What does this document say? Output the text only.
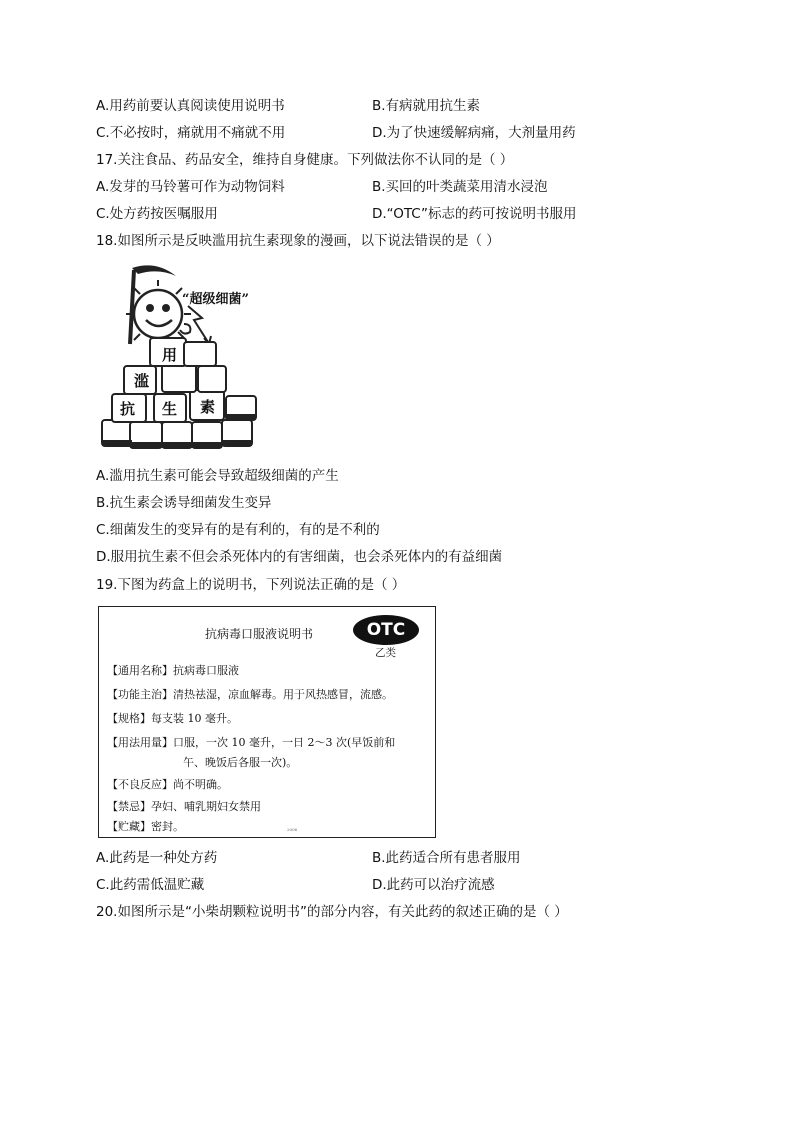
A.用药前要认真阅读使用说明书	B.有病就用抗生素
C.不必按时，痛就用不痛就不用	D.为了快速缓解病痛，大剂量用药
17.关注食品、药品安全，维持自身健康。下列做法你不认同的是（ ）
A.发芽的马铃薯可作为动物饲料	B.买回的叶类蔬菜用清水浸泡
C.处方药按医嘱服用	D.“OTC”标志的药可按说明书服用
18.如图所示是反映滥用抗生素现象的漫画，以下说法错误的是（ ）
“超级细菌”
滥
用
抗 生 素
A.滥用抗生素可能会导致超级细菌的产生
B.抗生素会诱导细菌发生变异
C.细菌发生的变异有的是有利的，有的是不利的
D.服用抗生素不但会杀死体内的有害细菌，也会杀死体内的有益细菌
19.下图为药盒上的说明书，下列说法正确的是（ ）
抗病毒口服液说明书	OTC
乙类
【通用名称】抗病毒口服液
【功能主治】清热祛湿，凉血解毒。用于风热感冒，流感。
【规格】每支装 10 毫升。
【用法用量】口服，一次 10 毫升，一日 2～3 次(早饭前和
午、晚饭后各服一次)。
【不良反应】尚不明确。
【禁忌】孕妇、哺乳期妇女禁用
【贮藏】密封。	2006
A.此药是一种处方药	B.此药适合所有患者服用
C.此药需低温贮藏	D.此药可以治疗流感
20.如图所示是“小柴胡颗粒说明书”的部分内容，有关此药的叙述正确的是（ ）
